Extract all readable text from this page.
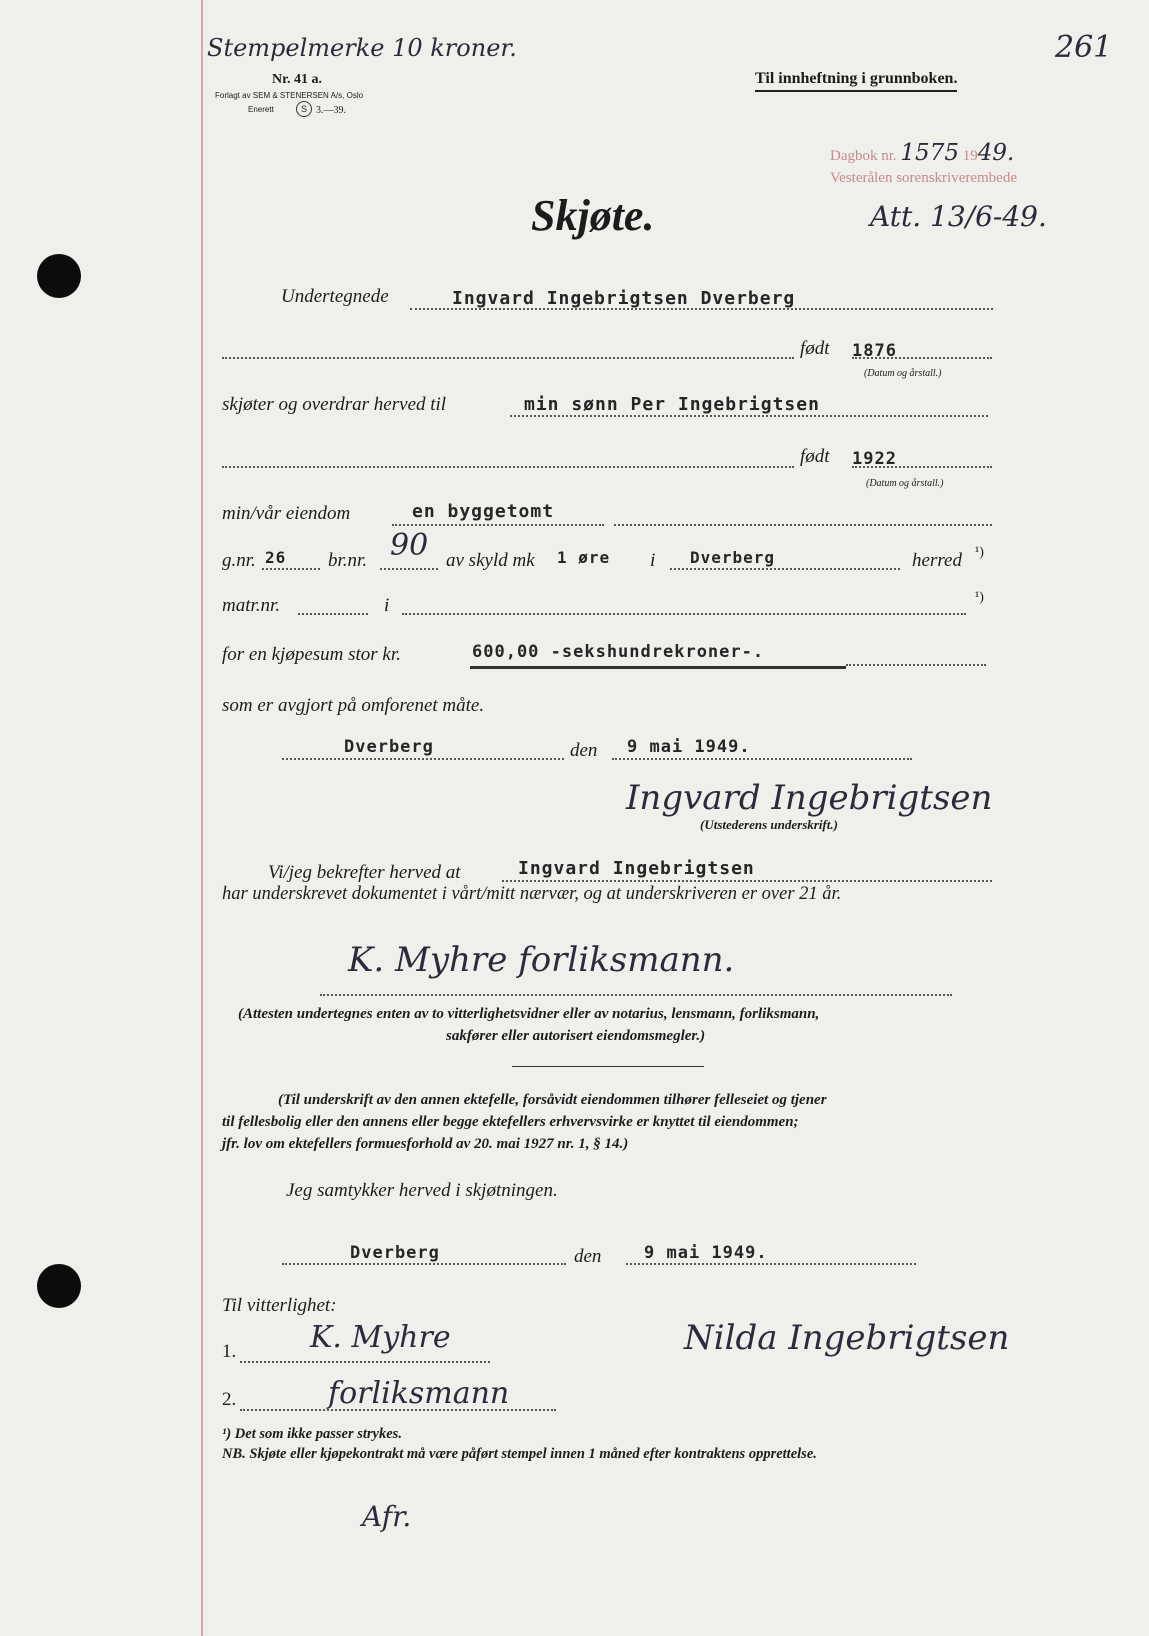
Stempelmerke 10 kroner.
Nr. 41 a.
Forlagt av SEM & STENERSEN A/s, Oslo
Enerett	S 3.—39.
Til innheftning i grunnboken.
261
Dagbok nr. 1575 1949.
Vesterålen sorenskriverembede
Att. 13/6-49.
Skjøte.
Undertegnede	Ingvard Ingebrigtsen Dverberg
født 1876
(Datum og årstall.)
skjøter og overdrar herved til	min sønn Per Ingebrigtsen
født 1922
(Datum og årstall.)
min/vår eiendom	en byggetomt
g.nr. 26 br.nr. 90 av skyld mk 1 øre i Dverberg	herred ¹)
matr.nr.	i	¹)
for en kjøpesum stor kr.	600,00 -sekshundrekroner-.
som er avgjort på omforenet måte.
Dverberg	den 9 mai 1949.
Ingvard Ingebrigtsen
(Utstederens underskrift.)
Vi/jeg bekrefter herved at	Ingvard Ingebrigtsen
har underskrevet dokumentet i vårt/mitt nærvær, og at underskriveren er over 21 år.
K. Myhre forliksmann.
(Attesten undertegnes enten av to vitterlighetsvidner eller av notarius, lensmann, forliksmann,
sakfører eller autorisert eiendomsmegler.)
(Til underskrift av den annen ektefelle, forsåvidt eiendommen tilhører felleseiet og tjener
til fellesbolig eller den annens eller begge ektefellers erhvervsvirke er knyttet til eiendommen;
jfr. lov om ektefellers formuesforhold av 20. mai 1927 nr. 1, § 14.)
Jeg samtykker herved i skjøtningen.
Dverberg	den	9 mai 1949.
Til vitterlighet:
1. K. Myhre
2.	forliksmann
Nilda Ingebrigtsen
¹) Det som ikke passer strykes.
NB. Skjøte eller kjøpekontrakt må være påført stempel innen 1 måned efter kontraktens opprettelse.
Afr.
